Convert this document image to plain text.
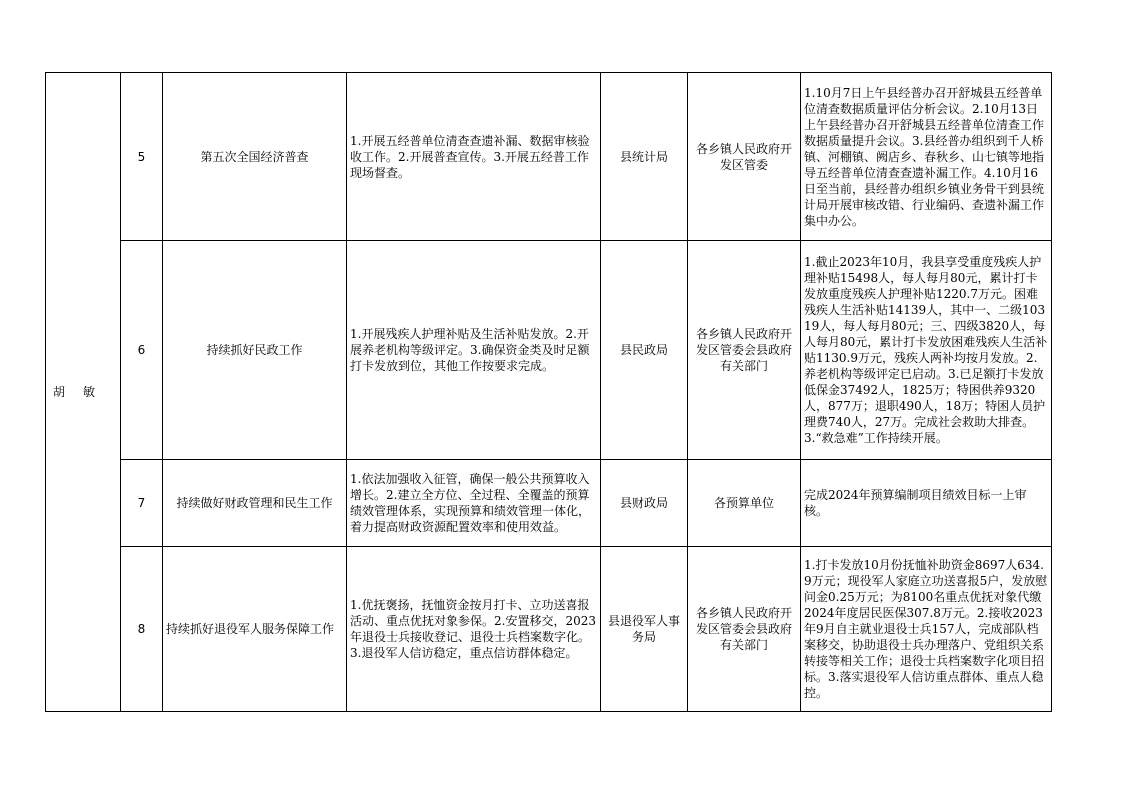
胡敏	5	第五次全国经济普查	1.开展五经普单位清查查遗补漏、数据审核验收工作。2.开展普查宣传。3.开展五经普工作现场督查。	县统计局	各乡镇人民政府开发区管委	1.10月7日上午县经普办召开舒城县五经普单位清查数据质量评估分析会议。2.10月13日上午县经普办召开舒城县五经普单位清查工作数据质量提升会议。3.县经普办组织到千人桥镇、河棚镇、阙店乡、春秋乡、山七镇等地指导五经普单位清查查遗补漏工作。4.10月16日至当前，县经普办组织乡镇业务骨干到县统计局开展审核改错、行业编码、查遗补漏工作集中办公。
	6	持续抓好民政工作	1.开展残疾人护理补贴及生活补贴发放。2.开展养老机构等级评定。3.确保资金类及时足额打卡发放到位，其他工作按要求完成。	县民政局	各乡镇人民政府开发区管委会县政府有关部门	1.截止2023年10月，我县享受重度残疾人护理补贴15498人，每人每月80元，累计打卡发放重度残疾人护理补贴1220.7万元。困难残疾人生活补贴14139人，其中一、二级10319人，每人每月80元；三、四级3820人，每人每月80元，累计打卡发放困难残疾人生活补贴1130.9万元，残疾人两补均按月发放。2.养老机构等级评定已启动。3.已足额打卡发放低保金37492人，1825万；特困供养9320人，877万；退职490人，18万；特困人员护理费740人，27万。完成社会救助大排查。3.“救急难”工作持续开展。
	7	持续做好财政管理和民生工作	1.依法加强收入征管，确保一般公共预算收入增长。2.建立全方位、全过程、全覆盖的预算绩效管理体系，实现预算和绩效管理一体化，着力提高财政资源配置效率和使用效益。	县财政局	各预算单位	完成2024年预算编制项目绩效目标一上审核。
	8	持续抓好退役军人服务保障工作	1.优抚褒扬，抚恤资金按月打卡、立功送喜报活动、重点优抚对象参保。2.安置移交，2023年退役士兵接收登记、退役士兵档案数字化。3.退役军人信访稳定，重点信访群体稳定。	县退役军人事务局	各乡镇人民政府开发区管委会县政府有关部门	1.打卡发放10月份抚恤补助资金8697人634.9万元；现役军人家庭立功送喜报5户，发放慰问金0.25万元；为8100名重点优抚对象代缴2024年度居民医保307.8万元。2.接收2023年9月自主就业退役士兵157人，完成部队档案移交，协助退役士兵办理落户、党组织关系转接等相关工作；退役士兵档案数字化项目招标。3.落实退役军人信访重点群体、重点人稳控。
